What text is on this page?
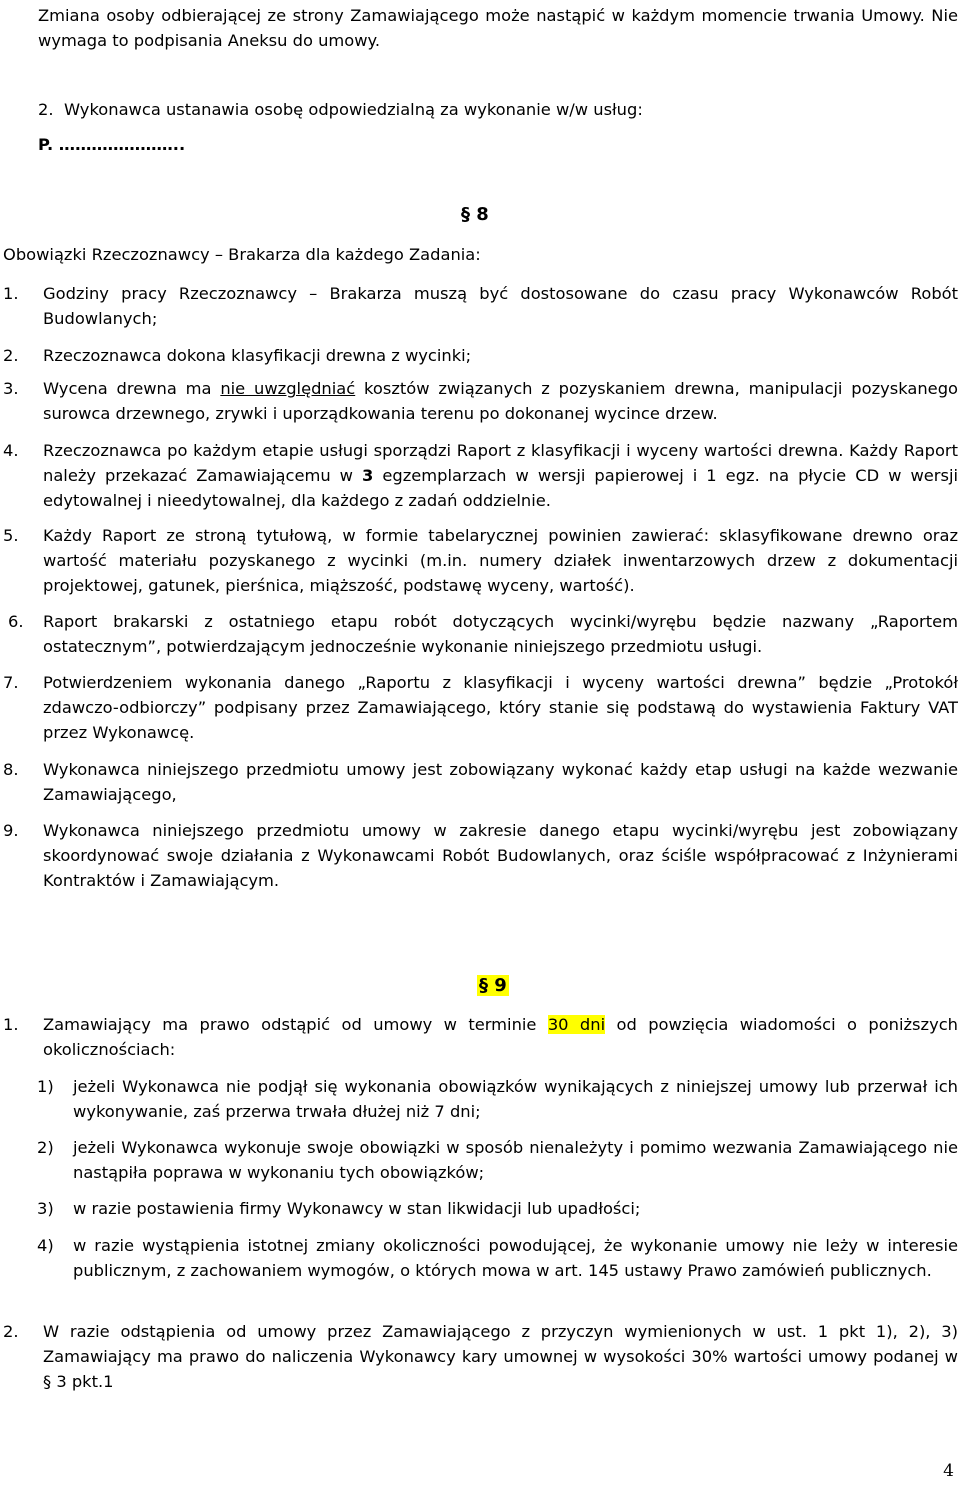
Zmiana osoby odbierającej ze strony Zamawiającego może nastąpić w każdym momencie trwania Umowy. Nie wymaga to podpisania Aneksu do umowy.

2. Wykonawca ustanawia osobę odpowiedzialną za wykonanie w/w usług:

P. …………………..

§ 8

Obowiązki Rzeczoznawcy – Brakarza dla każdego Zadania:

1. Godziny pracy Rzeczoznawcy – Brakarza muszą być dostosowane do czasu pracy Wykonawców Robót Budowlanych;

2. Rzeczoznawca dokona klasyfikacji drewna z wycinki;

3. Wycena drewna ma nie uwzględniać kosztów związanych z pozyskaniem drewna, manipulacji pozyskanego surowca drzewnego, zrywki i uporządkowania terenu po dokonanej wycince drzew.

4. Rzeczoznawca po każdym etapie usługi sporządzi Raport z klasyfikacji i wyceny wartości drewna. Każdy Raport należy przekazać Zamawiającemu w 3 egzemplarzach w wersji papierowej i 1 egz. na płycie CD w wersji edytowalnej i nieedytowalnej, dla każdego z zadań oddzielnie.

5. Każdy Raport ze stroną tytułową, w formie tabelarycznej powinien zawierać: sklasyfikowane drewno oraz wartość materiału pozyskanego z wycinki (m.in. numery działek inwentarzowych drzew z dokumentacji projektowej, gatunek, pierśnica, miąższość, podstawę wyceny, wartość).

6. Raport brakarski z ostatniego etapu robót dotyczących wycinki/wyrębu będzie nazwany „Raportem ostatecznym”, potwierdzającym jednocześnie wykonanie niniejszego przedmiotu usługi.

7. Potwierdzeniem wykonania danego „Raportu z klasyfikacji i wyceny wartości drewna” będzie „Protokół zdawczo-odbiorczy” podpisany przez Zamawiającego, który stanie się podstawą do wystawienia Faktury VAT przez Wykonawcę.

8. Wykonawca niniejszego przedmiotu umowy jest zobowiązany wykonać każdy etap usługi na każde wezwanie Zamawiającego,

9. Wykonawca niniejszego przedmiotu umowy w zakresie danego etapu wycinki/wyrębu jest zobowiązany skoordynować swoje działania z Wykonawcami Robót Budowlanych, oraz ściśle współpracować z Inżynierami Kontraktów i Zamawiającym.

§ 9
1. Zamawiający ma prawo odstąpić od umowy w terminie 30 dni od powzięcia wiadomości o poniższych okolicznościach:

1) jeżeli Wykonawca nie podjął się wykonania obowiązków wynikających z niniejszej umowy lub przerwał ich wykonywanie, zaś przerwa trwała dłużej niż 7 dni;

2) jeżeli Wykonawca wykonuje swoje obowiązki w sposób nienależyty i pomimo wezwania Zamawiającego nie nastąpiła poprawa w wykonaniu tych obowiązków;

3) w razie postawienia firmy Wykonawcy w stan likwidacji lub upadłości;

4) w razie wystąpienia istotnej zmiany okoliczności powodującej, że wykonanie umowy nie leży w interesie publicznym, z zachowaniem wymogów, o których mowa w art. 145 ustawy Prawo zamówień publicznych.

2. W razie odstąpienia od umowy przez Zamawiającego z przyczyn wymienionych w ust. 1 pkt 1), 2), 3) Zamawiający ma prawo do naliczenia Wykonawcy kary umownej w wysokości 30% wartości umowy podanej w § 3 pkt.1

4
